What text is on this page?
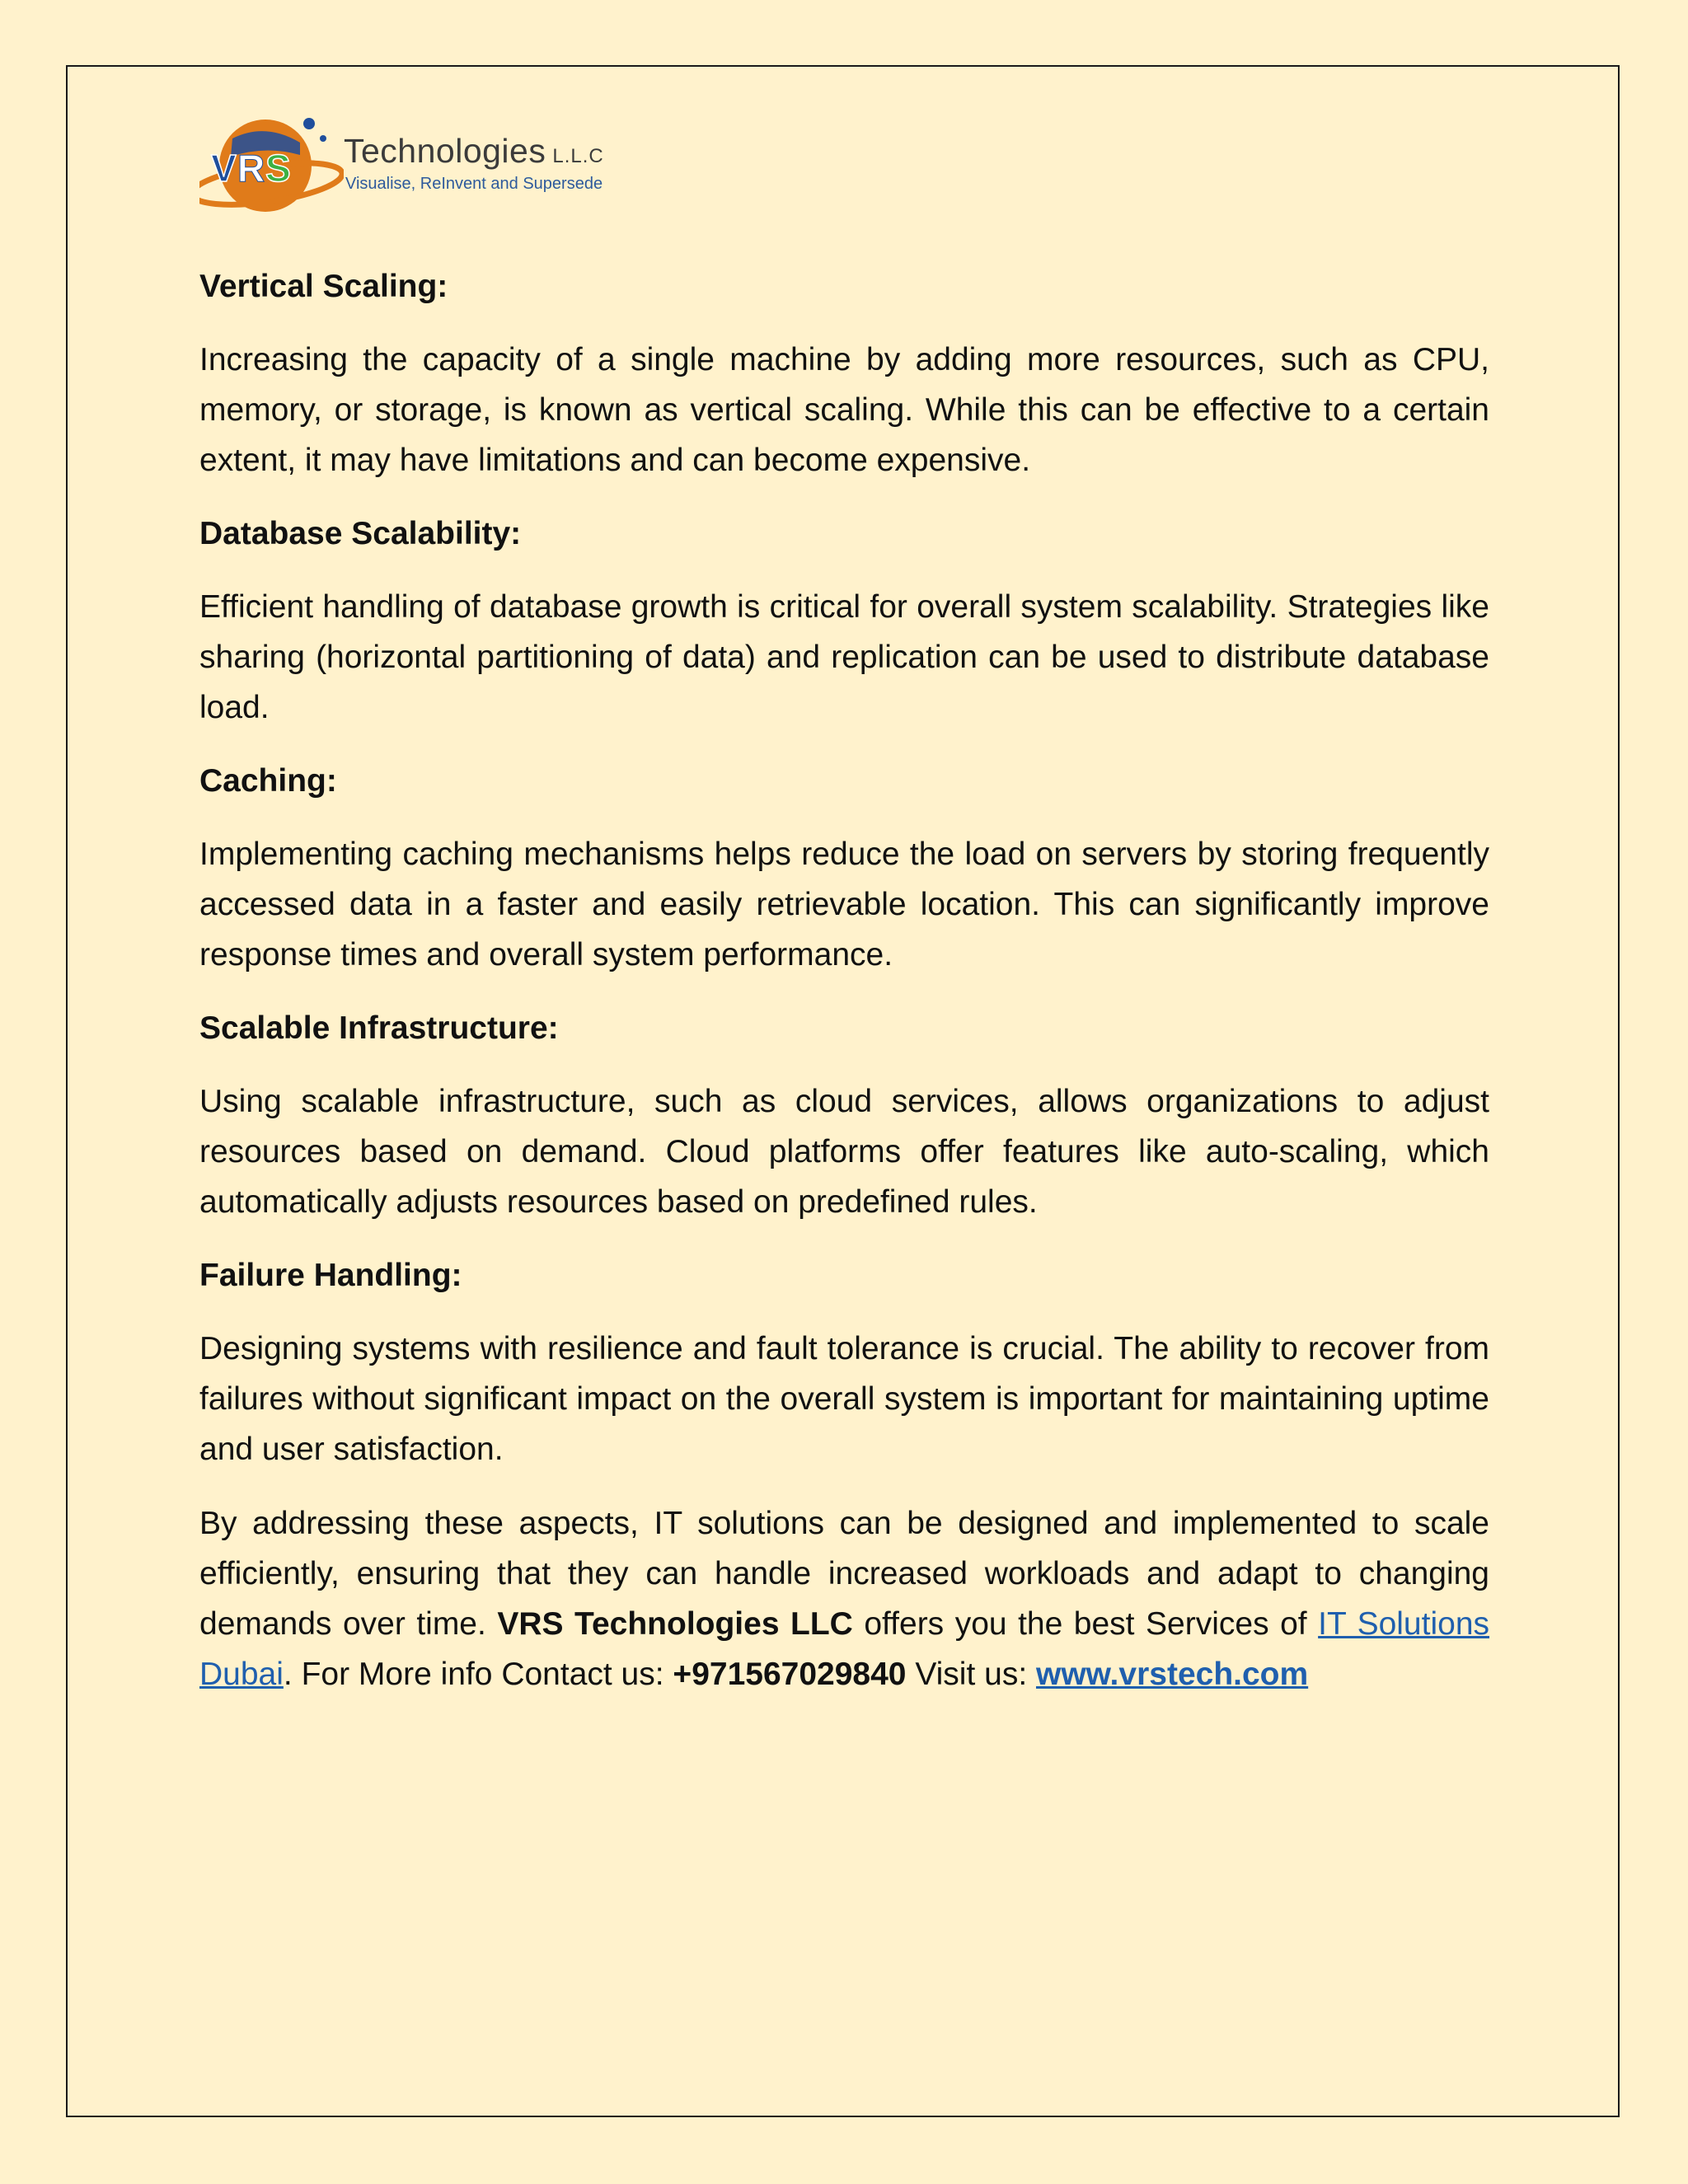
V R S Technologies L.L.C
Visualise, ReInvent and Supersede
Vertical Scaling:
Increasing the capacity of a single machine by adding more resources, such as CPU, memory, or storage, is known as vertical scaling. While this can be effective to a certain extent, it may have limitations and can become expensive.
Database Scalability:
Efficient handling of database growth is critical for overall system scalability. Strategies like sharing (horizontal partitioning of data) and replication can be used to distribute database load.
Caching:
Implementing caching mechanisms helps reduce the load on servers by storing frequently accessed data in a faster and easily retrievable location. This can significantly improve response times and overall system performance.
Scalable Infrastructure:
Using scalable infrastructure, such as cloud services, allows organizations to adjust resources based on demand. Cloud platforms offer features like auto-scaling, which automatically adjusts resources based on predefined rules.
Failure Handling:
Designing systems with resilience and fault tolerance is crucial. The ability to recover from failures without significant impact on the overall system is important for maintaining uptime and user satisfaction.
By addressing these aspects, IT solutions can be designed and implemented to scale efficiently, ensuring that they can handle increased workloads and adapt to changing demands over time. VRS Technologies LLC offers you the best Services of IT Solutions Dubai. For More info Contact us: +971567029840 Visit us: www.vrstech.com
